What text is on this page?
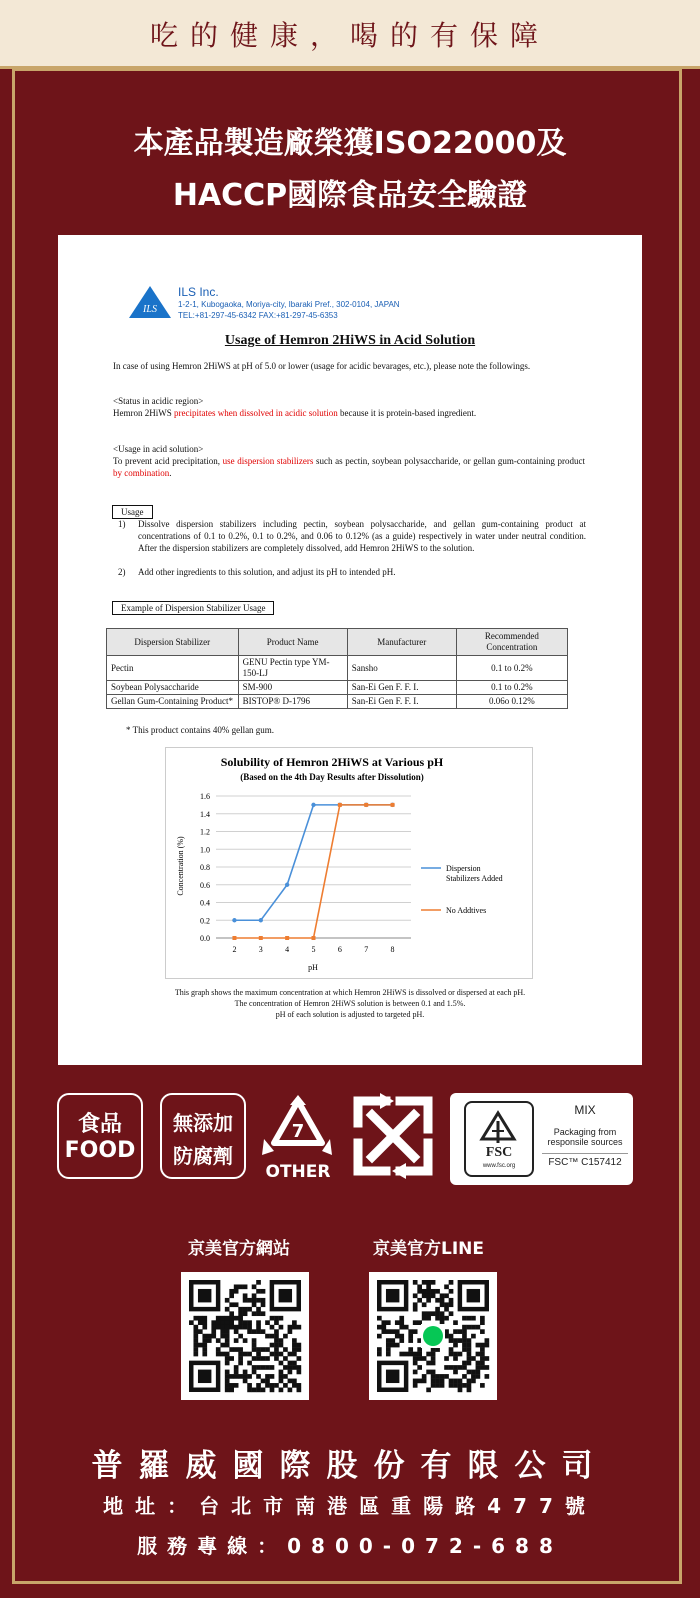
吃的健康，喝的有保障
本產品製造廠榮獲ISO22000及
HACCP國際食品安全驗證
ILS
ILS Inc.
1-2-1, Kubogaoka, Moriya-city, Ibaraki Pref., 302-0104, JAPAN
TEL:+81-297-45-6342 FAX:+81-297-45-6353
Usage of Hemron 2HiWS in Acid Solution
In case of using Hemron 2HiWS at pH of 5.0 or lower (usage for acidic bevarages, etc.), please note the followings.
<Status in acidic region>
Hemron 2HiWS precipitates when dissolved in acidic solution because it is protein-based ingredient.
<Usage in acid solution>
To prevent acid precipitation, use dispersion stabilizers such as pectin, soybean polysaccharide, or gellan gum-containing product by combination.
Usage
1)	Dissolve dispersion stabilizers including pectin, soybean polysaccharide, and gellan gum-containing product at concentrations of 0.1 to 0.2%, 0.1 to 0.2%, and 0.06 to 0.12% (as a guide) respectively in water under neutral condition. After the dispersion stabilizers are completely dissolved, add Hemron 2HiWS to the solution.
2)	Add other ingredients to this solution, and adjust its pH to intended pH.
Example of Dispersion Stabilizer Usage
Dispersion Stabilizer	Product Name	Manufacturer	Recommended Concentration
Pectin	GENU Pectin type YM-150-LJ	Sansho	0.1 to 0.2%
Soybean Polysaccharide	SM-900	San-Ei Gen F. F. I.	0.1 to 0.2%
Gellan Gum-Containing Product*	BISTOP® D-1796	San-Ei Gen F. F. I.	0.06o 0.12%
* This product contains 40% gellan gum.
Solubility of Hemron 2HiWS at Various pH
(Based on the 4th Day Results after Dissolution)
0.0
0.2
0.4
0.6
0.8
1.0
1.2
1.4
1.6
2	3	4	5	6	7	8
Dispersion Stabilizers Added
No Addtives
pH
Concentration (%)
This graph shows the maximum concentration at which Hemron 2HiWS is dissolved or dispersed at each pH.
The concentration of Hemron 2HiWS solution is between 0.1 and 1.5%.
pH of each solution is adjusted to targeted pH.
食品
FOOD
無添加
防腐劑
7
OTHER
FSC
www.fsc.org
MIX
Packaging from
responsile sources
FSC™ C157412
京美官方網站	京美官方LINE
普羅威國際股份有限公司
地址：台北市南港區重陽路477號
服務專線：0800-072-688
